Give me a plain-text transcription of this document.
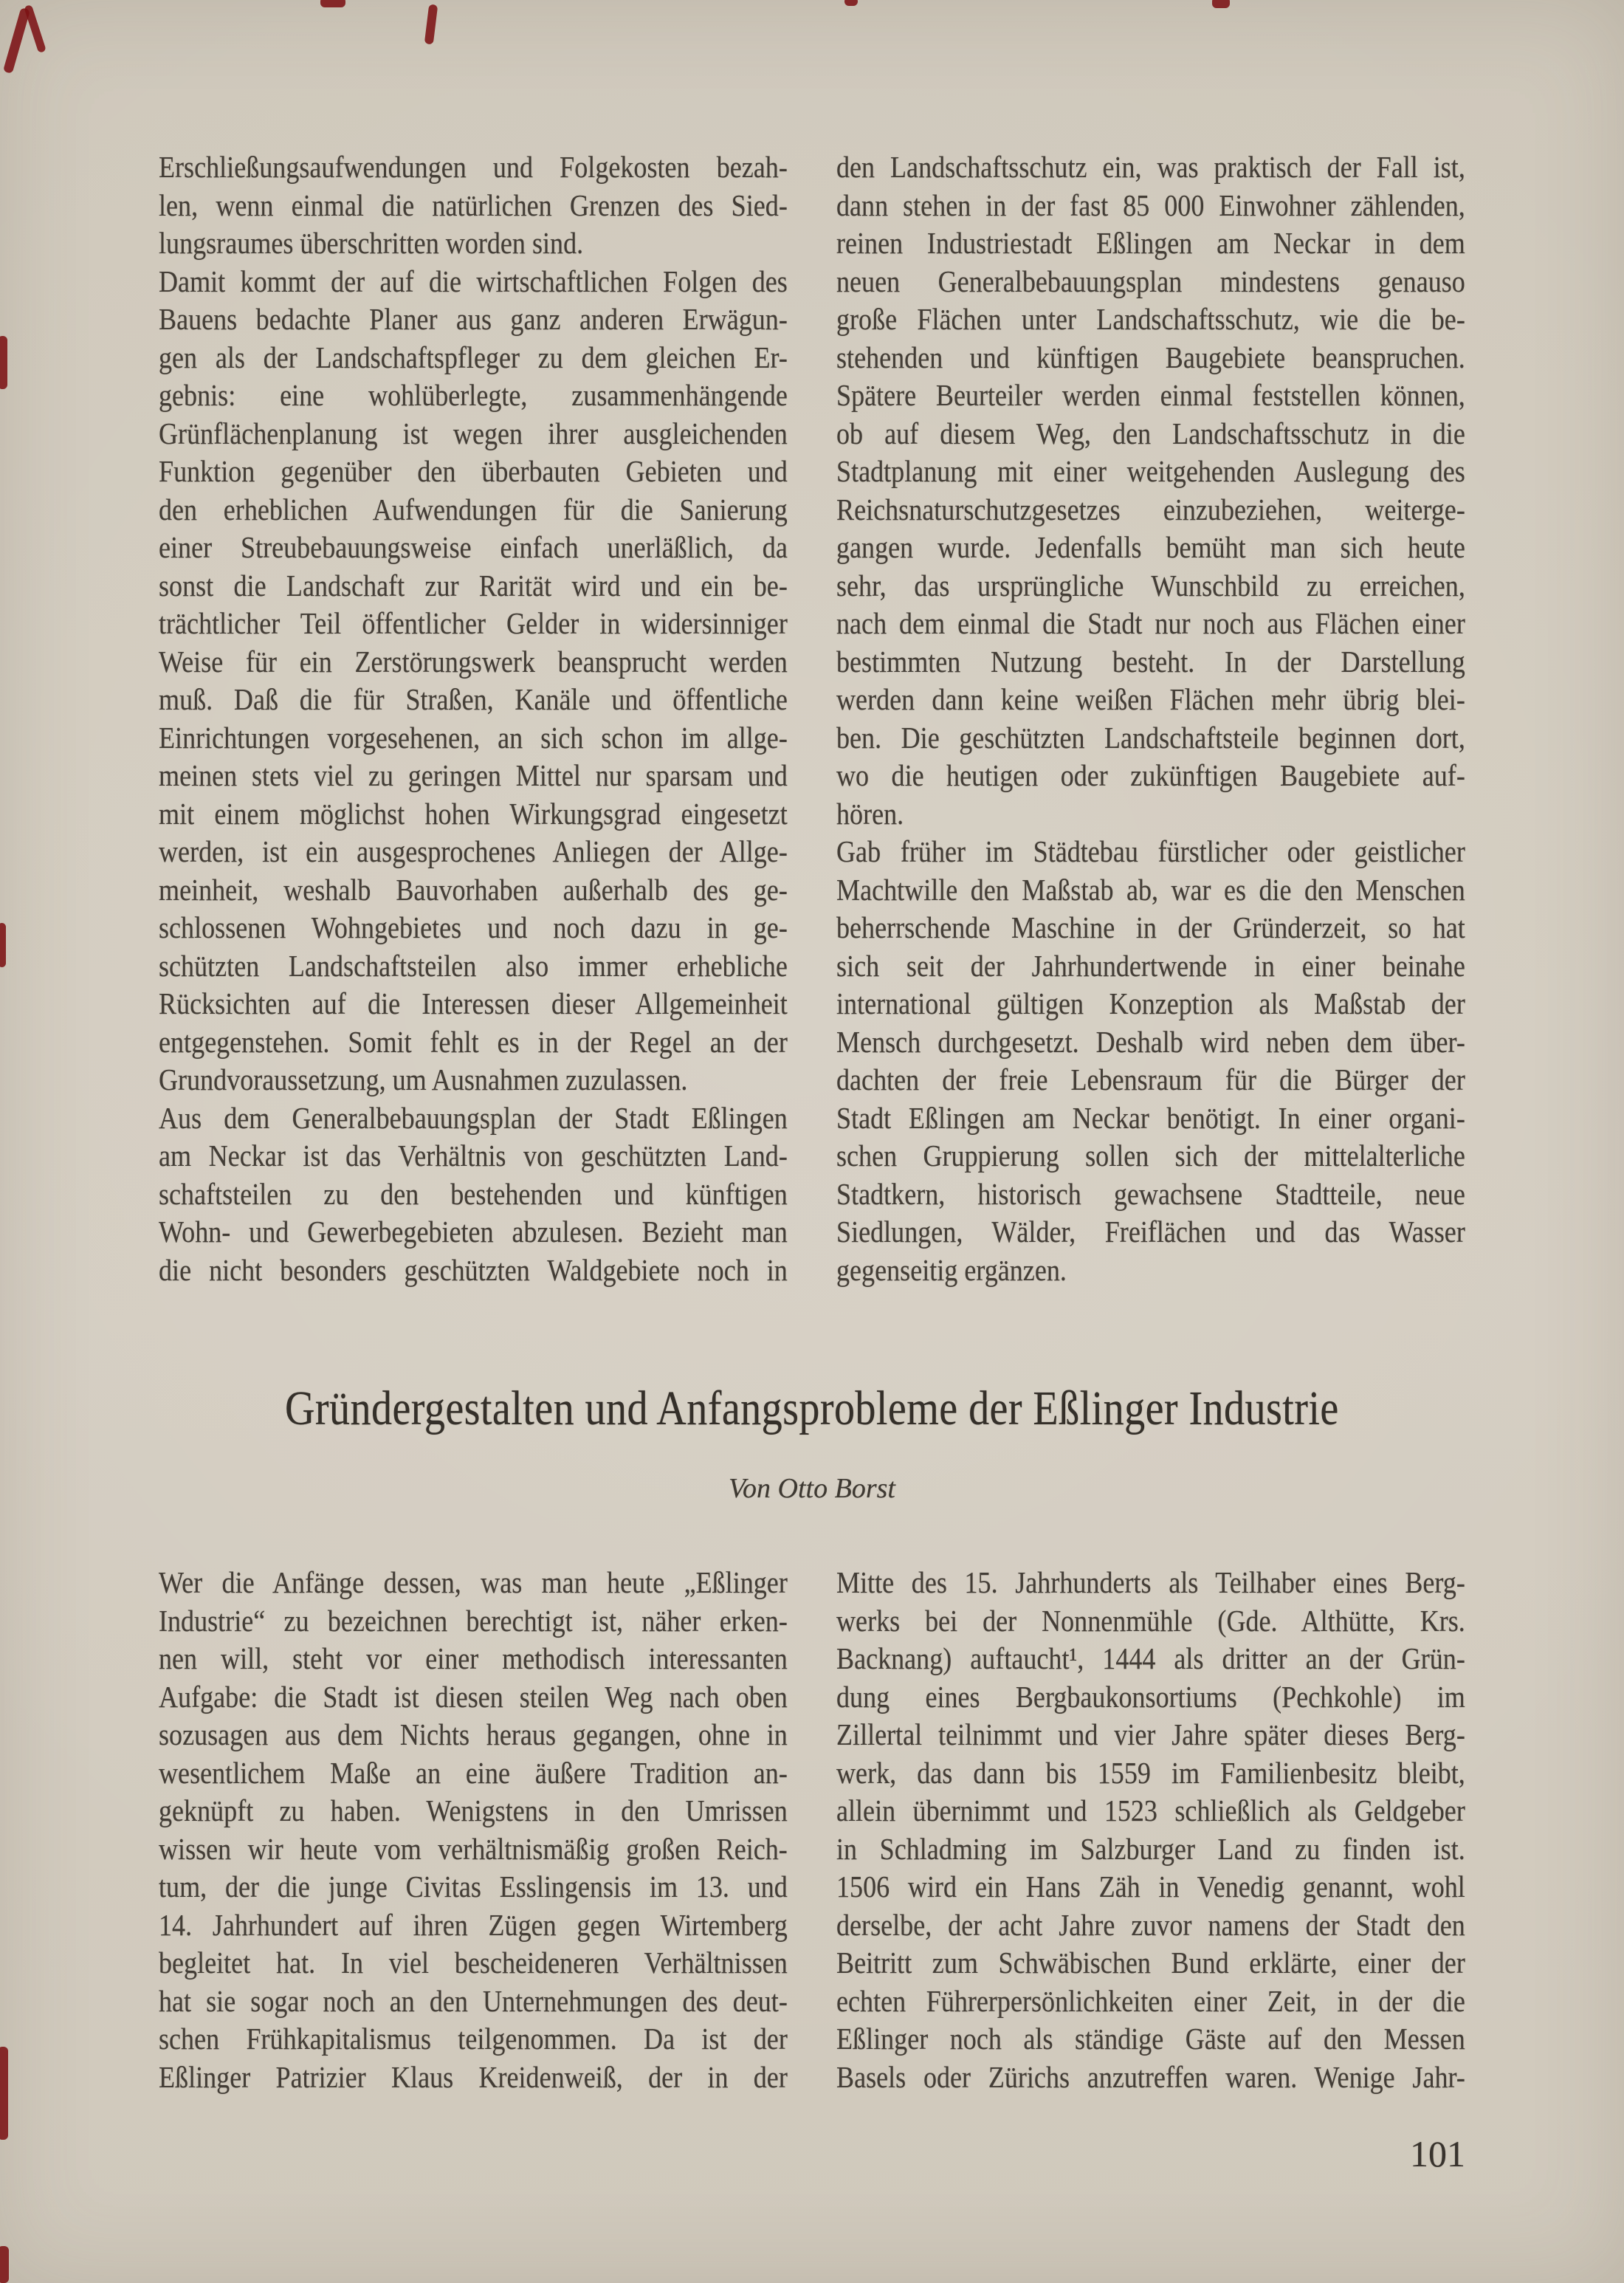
Erschließungsaufwendungen und Folgekosten bezah-
len, wenn einmal die natürlichen Grenzen des Sied-
lungsraumes überschritten worden sind.
Damit kommt der auf die wirtschaftlichen Folgen des
Bauens bedachte Planer aus ganz anderen Erwägun-
gen als der Landschaftspfleger zu dem gleichen Er-
gebnis: eine wohlüberlegte, zusammenhängende
Grünflächenplanung ist wegen ihrer ausgleichenden
Funktion gegenüber den überbauten Gebieten und
den erheblichen Aufwendungen für die Sanierung
einer Streubebauungsweise einfach unerläßlich, da
sonst die Landschaft zur Rarität wird und ein be-
trächtlicher Teil öffentlicher Gelder in widersinniger
Weise für ein Zerstörungswerk beansprucht werden
muß. Daß die für Straßen, Kanäle und öffentliche
Einrichtungen vorgesehenen, an sich schon im allge-
meinen stets viel zu geringen Mittel nur sparsam und
mit einem möglichst hohen Wirkungsgrad eingesetzt
werden, ist ein ausgesprochenes Anliegen der Allge-
meinheit, weshalb Bauvorhaben außerhalb des ge-
schlossenen Wohngebietes und noch dazu in ge-
schützten Landschaftsteilen also immer erhebliche
Rücksichten auf die Interessen dieser Allgemeinheit
entgegenstehen. Somit fehlt es in der Regel an der
Grundvoraussetzung, um Ausnahmen zuzulassen.
Aus dem Generalbebauungsplan der Stadt Eßlingen
am Neckar ist das Verhältnis von geschützten Land-
schaftsteilen zu den bestehenden und künftigen
Wohn- und Gewerbegebieten abzulesen. Bezieht man
die nicht besonders geschützten Waldgebiete noch in
den Landschaftsschutz ein, was praktisch der Fall ist,
dann stehen in der fast 85 000 Einwohner zählenden,
reinen Industriestadt Eßlingen am Neckar in dem
neuen Generalbebauungsplan mindestens genauso
große Flächen unter Landschaftsschutz, wie die be-
stehenden und künftigen Baugebiete beanspruchen.
Spätere Beurteiler werden einmal feststellen können,
ob auf diesem Weg, den Landschaftsschutz in die
Stadtplanung mit einer weitgehenden Auslegung des
Reichsnaturschutzgesetzes einzubeziehen, weiterge-
gangen wurde. Jedenfalls bemüht man sich heute
sehr, das ursprüngliche Wunschbild zu erreichen,
nach dem einmal die Stadt nur noch aus Flächen einer
bestimmten Nutzung besteht. In der Darstellung
werden dann keine weißen Flächen mehr übrig blei-
ben. Die geschützten Landschaftsteile beginnen dort,
wo die heutigen oder zukünftigen Baugebiete auf-
hören.
Gab früher im Städtebau fürstlicher oder geistlicher
Machtwille den Maßstab ab, war es die den Menschen
beherrschende Maschine in der Gründerzeit, so hat
sich seit der Jahrhundertwende in einer beinahe
international gültigen Konzeption als Maßstab der
Mensch durchgesetzt. Deshalb wird neben dem über-
dachten der freie Lebensraum für die Bürger der
Stadt Eßlingen am Neckar benötigt. In einer organi-
schen Gruppierung sollen sich der mittelalterliche
Stadtkern, historisch gewachsene Stadtteile, neue
Siedlungen, Wälder, Freiflächen und das Wasser
gegenseitig ergänzen.
Gründergestalten und Anfangsprobleme der Eßlinger Industrie
Von Otto Borst
Wer die Anfänge dessen, was man heute „Eßlinger
Industrie“ zu bezeichnen berechtigt ist, näher erken-
nen will, steht vor einer methodisch interessanten
Aufgabe: die Stadt ist diesen steilen Weg nach oben
sozusagen aus dem Nichts heraus gegangen, ohne in
wesentlichem Maße an eine äußere Tradition an-
geknüpft zu haben. Wenigstens in den Umrissen
wissen wir heute vom verhältnismäßig großen Reich-
tum, der die junge Civitas Esslingensis im 13. und
14. Jahrhundert auf ihren Zügen gegen Wirtemberg
begleitet hat. In viel bescheideneren Verhältnissen
hat sie sogar noch an den Unternehmungen des deut-
schen Frühkapitalismus teilgenommen. Da ist der
Eßlinger Patrizier Klaus Kreidenweiß, der in der
Mitte des 15. Jahrhunderts als Teilhaber eines Berg-
werks bei der Nonnenmühle (Gde. Althütte, Krs.
Backnang) auftaucht¹, 1444 als dritter an der Grün-
dung eines Bergbaukonsortiums (Pechkohle) im
Zillertal teilnimmt und vier Jahre später dieses Berg-
werk, das dann bis 1559 im Familienbesitz bleibt,
allein übernimmt und 1523 schließlich als Geldgeber
in Schladming im Salzburger Land zu finden ist.
1506 wird ein Hans Zäh in Venedig genannt, wohl
derselbe, der acht Jahre zuvor namens der Stadt den
Beitritt zum Schwäbischen Bund erklärte, einer der
echten Führerpersönlichkeiten einer Zeit, in der die
Eßlinger noch als ständige Gäste auf den Messen
Basels oder Zürichs anzutreffen waren. Wenige Jahr-
101
